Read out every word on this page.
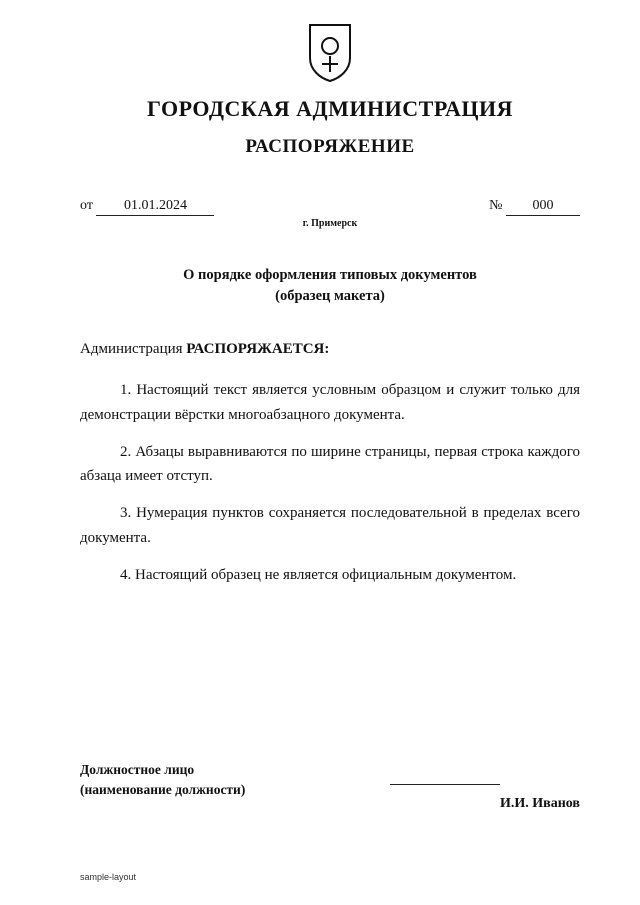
ГОРОДСКАЯ АДМИНИСТРАЦИЯ
РАСПОРЯЖЕНИЕ
от 01.01.2024	№ 000
г. Примерск
О порядке оформления типовых документов
(образец макета)
Администрация РАСПОРЯЖАЕТСЯ:

1. Настоящий текст является условным образцом и служит только для демонстрации вёрстки многоабзацного документа.

2. Абзацы выравниваются по ширине страницы, первая строка каждого абзаца имеет отступ.

3. Нумерация пунктов сохраняется последовательной в пределах всего документа.

4. Настоящий образец не является официальным документом.

Должностное лицо
(наименование должности)
И.И. Иванов
sample-layout
